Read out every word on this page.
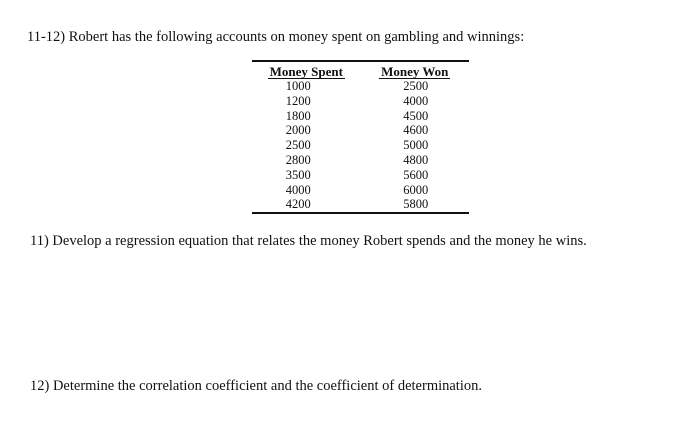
11-12) Robert has the following accounts on money spent on gambling and winnings:
Money Spent	Money Won
1000	2500
1200	4000
1800	4500
2000	4600
2500	5000
2800	4800
3500	5600
4000	6000
4200	5800
11) Develop a regression equation that relates the money Robert spends and the money he wins.
12) Determine the correlation coefficient and the coefficient of determination.
